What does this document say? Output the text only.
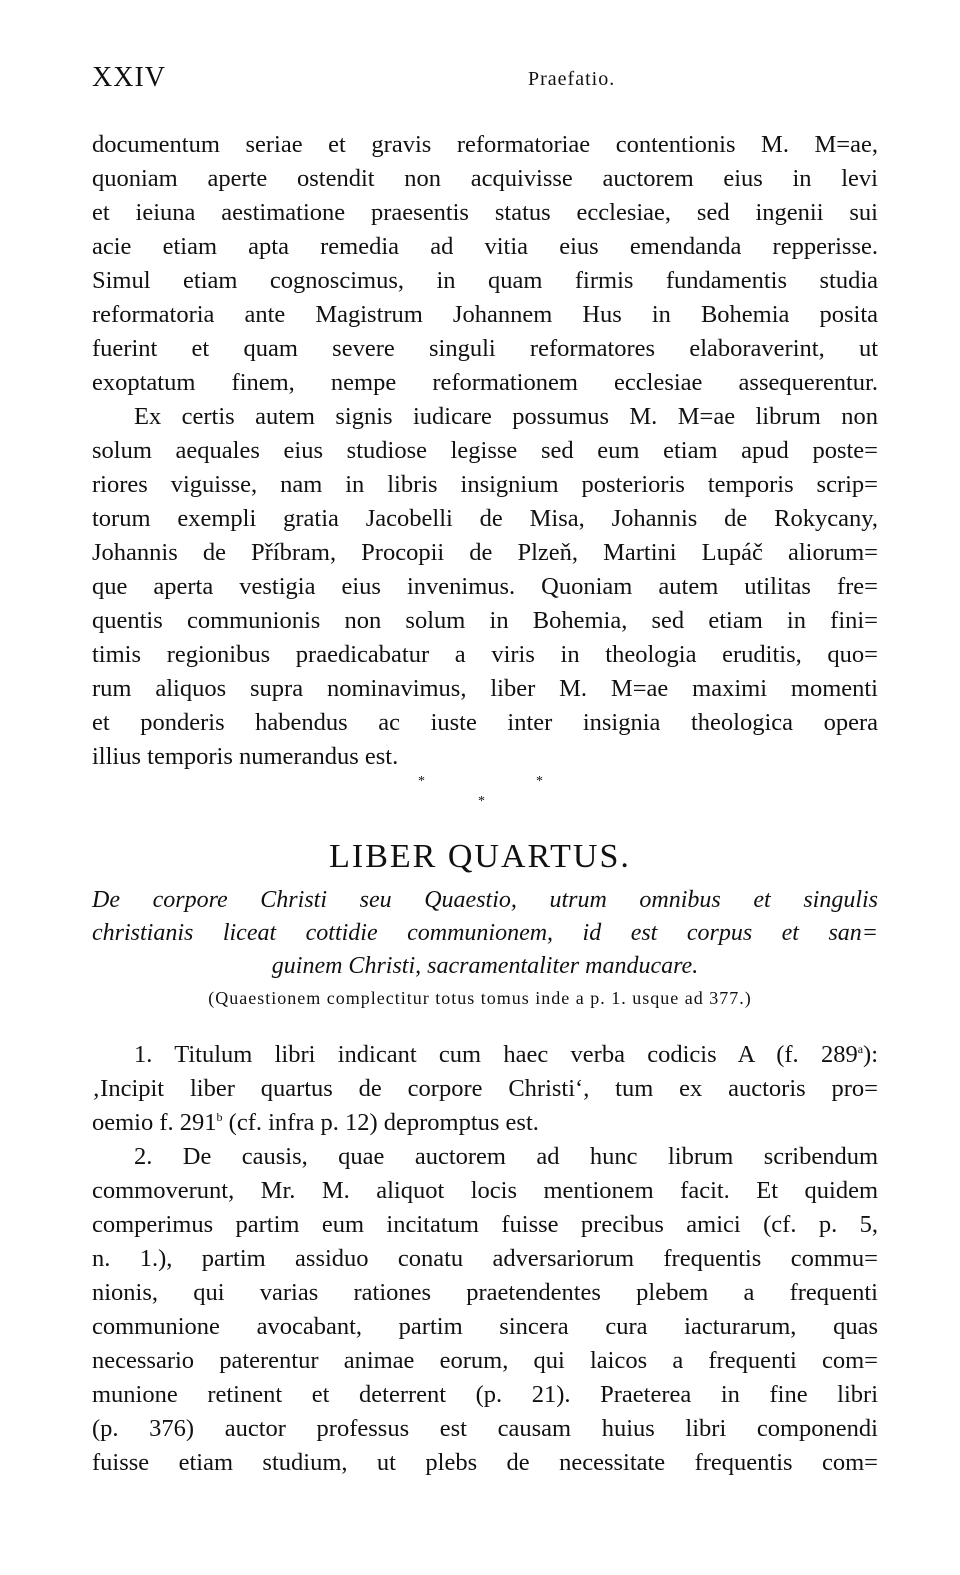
XXIV	Praefatio.
documentum seriae et gravis reformatoriae contentionis M. M=ae,
quoniam aperte ostendit non acquivisse auctorem eius in levi
et ieiuna aestimatione praesentis status ecclesiae, sed ingenii sui
acie etiam apta remedia ad vitia eius emendanda repperisse.
Simul etiam cognoscimus, in quam firmis fundamentis studia
reformatoria ante Magistrum Johannem Hus in Bohemia posita
fuerint et quam severe singuli reformatores elaboraverint, ut
exoptatum finem, nempe reformationem ecclesiae assequerentur.
Ex certis autem signis iudicare possumus M. M=ae librum non
solum aequales eius studiose legisse sed eum etiam apud poste=
riores viguisse, nam in libris insignium posterioris temporis scrip=
torum exempli gratia Jacobelli de Misa, Johannis de Rokycany,
Johannis de Příbram, Procopii de Plzeň, Martini Lupáč aliorum=
que aperta vestigia eius invenimus. Quoniam autem utilitas fre=
quentis communionis non solum in Bohemia, sed etiam in fini=
timis regionibus praedicabatur a viris in theologia eruditis, quo=
rum aliquos supra nominavimus, liber M. M=ae maximi momenti
et ponderis habendus ac iuste inter insignia theologica opera
illius temporis numerandus est.
*	*
*
LIBER QUARTUS.
De corpore Christi seu Quaestio, utrum omnibus et singulis
christianis liceat cottidie communionem, id est corpus et san=
guinem Christi, sacramentaliter manducare.
(Quaestionem complectitur totus tomus inde a p. 1. usque ad 377.)
1. Titulum libri indicant cum haec verba codicis A (f. 289$^a$):
‚Incipit liber quartus de corpore Christi‘, tum ex auctoris pro=
oemio f. 291$^b$ (cf. infra p. 12) depromptus est.
2. De causis, quae auctorem ad hunc librum scribendum
commoverunt, Mr. M. aliquot locis mentionem facit. Et quidem
comperimus partim eum incitatum fuisse precibus amici (cf. p. 5,
n. 1.), partim assiduo conatu adversariorum frequentis commu=
nionis, qui varias rationes praetendentes plebem a frequenti
communione avocabant, partim sincera cura iacturarum, quas
necessario paterentur animae eorum, qui laicos a frequenti com=
munione retinent et deterrent (p. 21). Praeterea in fine libri
(p. 376) auctor professus est causam huius libri componendi
fuisse etiam studium, ut plebs de necessitate frequentis com=
